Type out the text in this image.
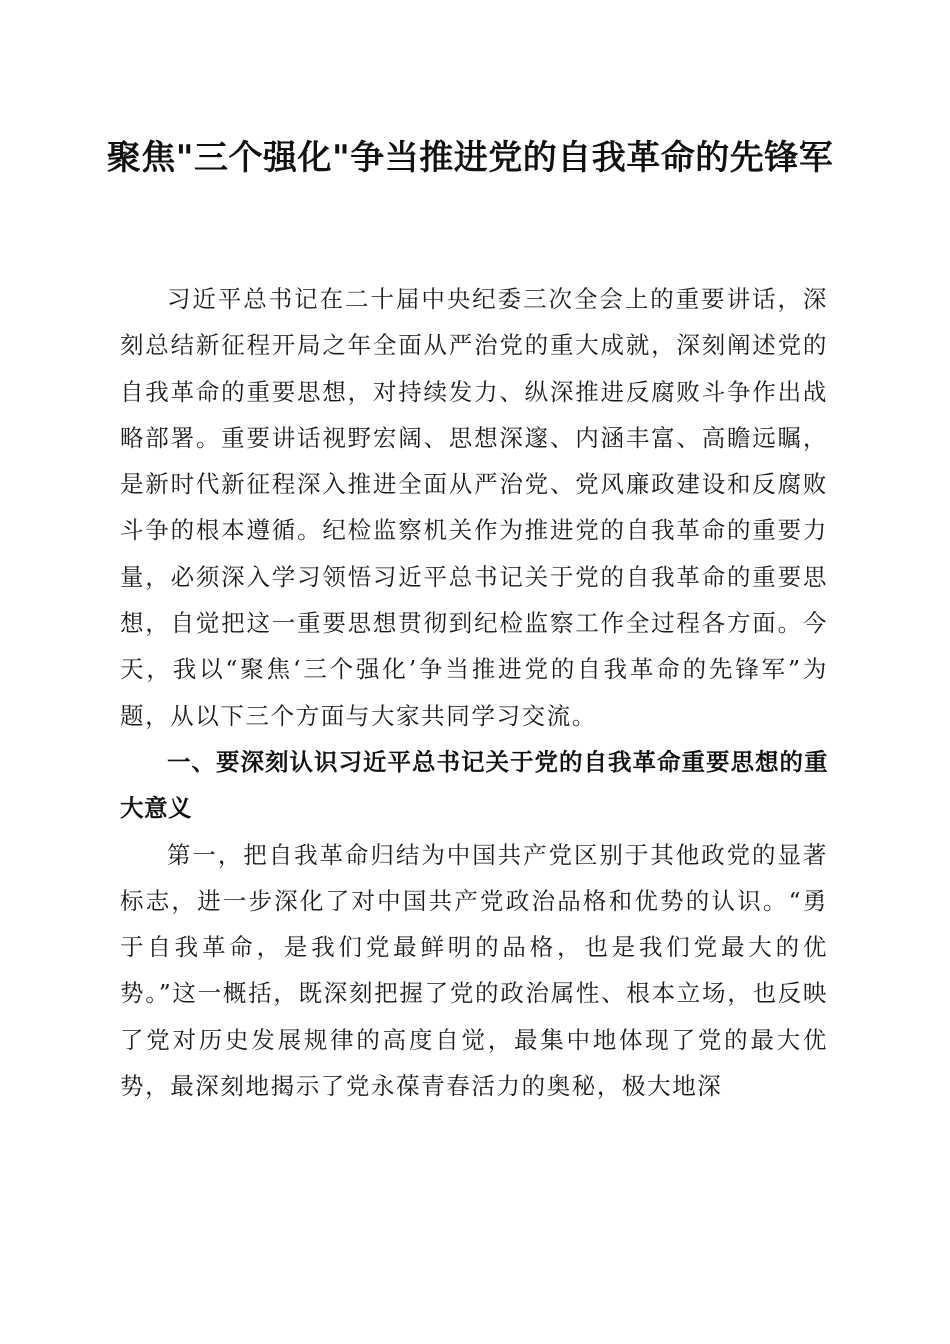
聚焦"三个强化"争当推进党的自我革命的先锋军

习近平总书记在二十届中央纪委三次全会上的重要讲话，深刻总结新征程开局之年全面从严治党的重大成就，深刻阐述党的自我革命的重要思想，对持续发力、纵深推进反腐败斗争作出战略部署。重要讲话视野宏阔、思想深邃、内涵丰富、高瞻远瞩，是新时代新征程深入推进全面从严治党、党风廉政建设和反腐败斗争的根本遵循。纪检监察机关作为推进党的自我革命的重要力量，必须深入学习领悟习近平总书记关于党的自我革命的重要思想，自觉把这一重要思想贯彻到纪检监察工作全过程各方面。今天，我以“聚焦‘三个强化’争当推进党的自我革命的先锋军”为题，从以下三个方面与大家共同学习交流。

一、要深刻认识习近平总书记关于党的自我革命重要思想的重大意义

第一，把自我革命归结为中国共产党区别于其他政党的显著标志，进一步深化了对中国共产党政治品格和优势的认识。“勇于自我革命，是我们党最鲜明的品格，也是我们党最大的优势。”这一概括，既深刻把握了党的政治属性、根本立场，也反映了党对历史发展规律的高度自觉，最集中地体现了党的最大优势，最深刻地揭示了党永葆青春活力的奥秘，极大地深
